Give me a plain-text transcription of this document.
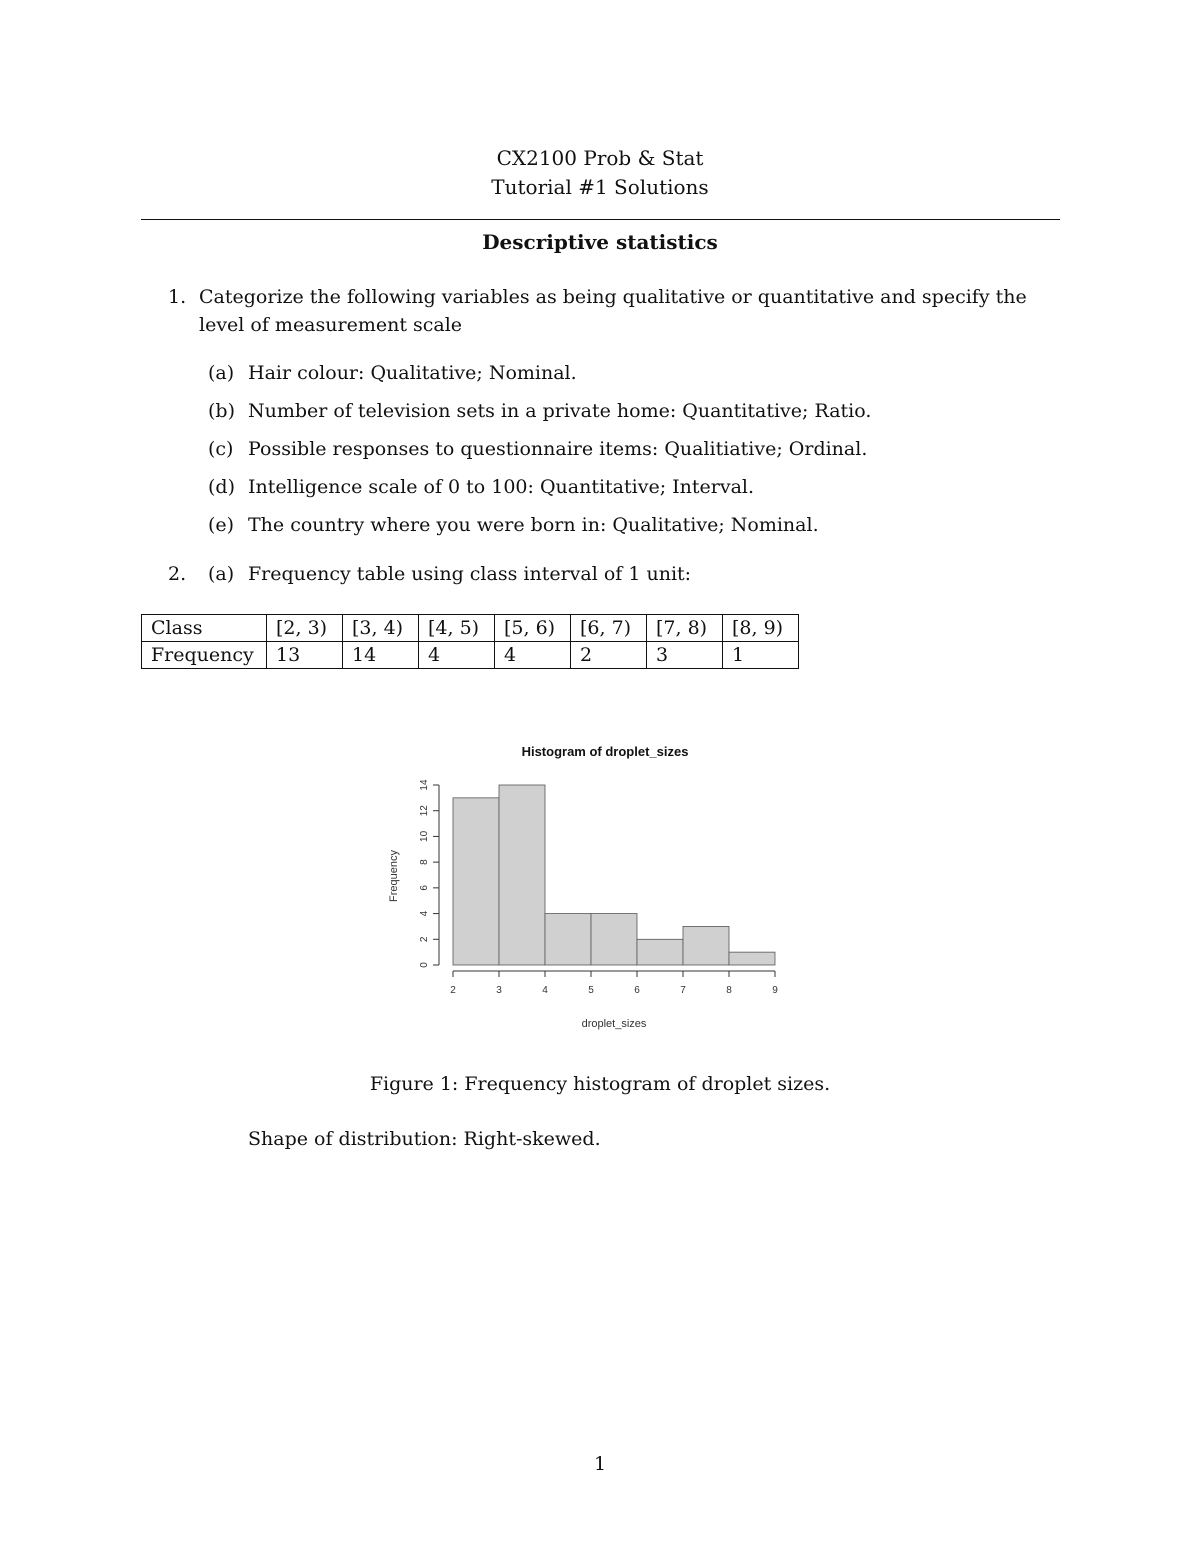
CX2100 Prob & Stat
Tutorial #1 Solutions
Descriptive statistics
1. Categorize the following variables as being qualitative or quantitative and specify the
level of measurement scale
(a) Hair colour: Qualitative; Nominal.
(b) Number of television sets in a private home: Quantitative; Ratio.
(c) Possible responses to questionnaire items: Qualitiative; Ordinal.
(d) Intelligence scale of 0 to 100: Quantitative; Interval.
(e) The country where you were born in: Qualitative; Nominal.
2. (a) Frequency table using class interval of 1 unit:
Class	[2, 3)	[3, 4)	[4, 5)	[5, 6)	[6, 7)	[7, 8)	[8, 9)
Frequency	13	14	4	4	2	3	1
Histogram of droplet_sizes
droplet_sizes
Frequency
2	3	4	5	6	7	8	9
0
2
4
6
8
10
12
14
Figure 1: Frequency histogram of droplet sizes.
Shape of distribution: Right-skewed.
1
